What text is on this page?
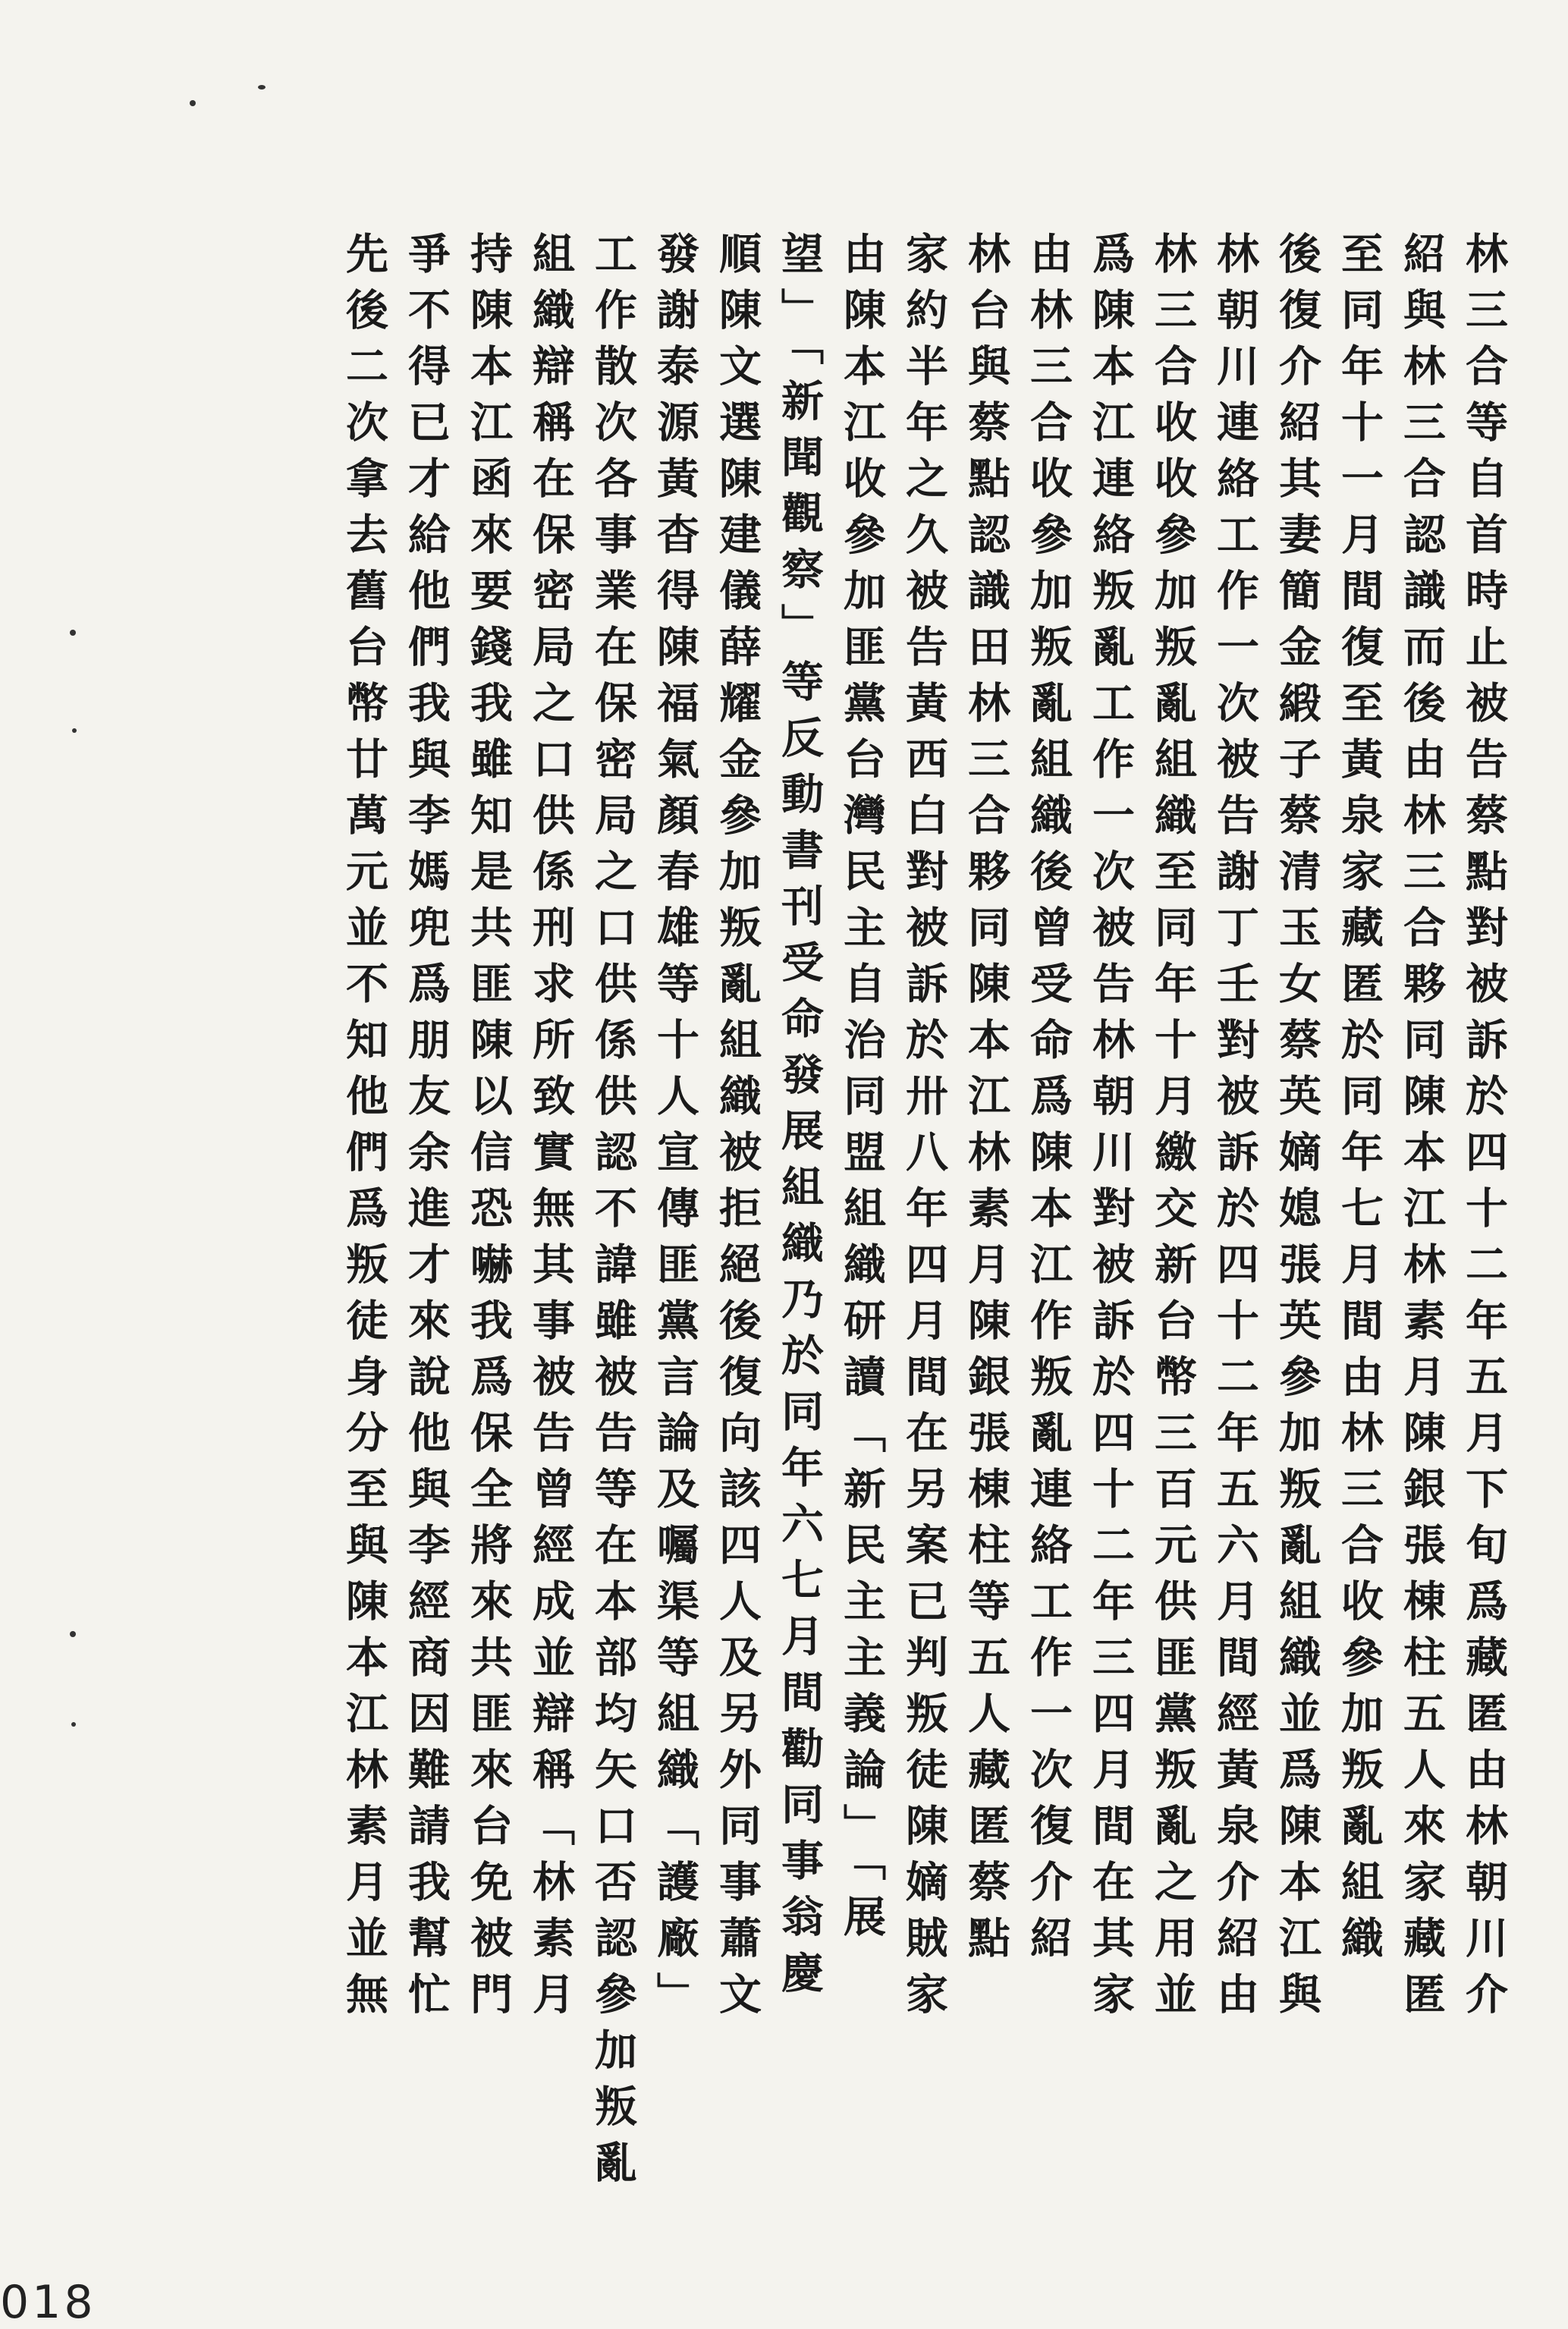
林三合等自首時止被告蔡點對被訴於四十二年五月下旬爲藏匿由林朝川介
紹與林三合認識而後由林三合夥同陳本江林素月陳銀張棟柱五人來家藏匿
至同年十一月間復至黃泉家藏匿於同年七月間由林三合收參加叛亂組織
後復介紹其妻簡金緞子蔡清玉女蔡英嫡媳張英參加叛亂組織並爲陳本江與
林朝川連絡工作一次被告謝丁壬對被訴於四十二年五六月間經黃泉介紹由
林三合收收參加叛亂組織至同年十月繳交新台幣三百元供匪黨叛亂之用並
爲陳本江連絡叛亂工作一次被告林朝川對被訴於四十二年三四月間在其家
由林三合收參加叛亂組織後曾受命爲陳本江作叛亂連絡工作一次復介紹
林台與蔡點認識田林三合夥同陳本江林素月陳銀張棟柱等五人藏匿蔡點
家約半年之久被告黃西白對被訴於卅八年四月間在另案已判叛徒陳嫡賊家
由陳本江收參加匪黨台灣民主自治同盟組織研讀「新民主主義論」「展
望」「新聞觀察」等反動書刊受命發展組織乃於同年六七月間勸同事翁慶
順陳文選陳建儀薛耀金參加叛亂組織被拒絕後復向該四人及另外同事蕭文
發謝泰源黃杳得陳福氣顏春雄等十人宣傳匪黨言論及囑渠等組織「護廠」
工作散次各事業在保密局之口供係供認不諱雖被告等在本部均矢口否認參加叛亂
組織辯稱在保密局之口供係刑求所致實無其事被告曾經成並辯稱「林素月
持陳本江函來要錢我雖知是共匪陳以信恐嚇我爲保全將來共匪來台免被門
爭不得已才給他們我與李媽兜爲朋友余進才來說他與李經商因難請我幫忙
先後二次拿去舊台幣廿萬元並不知他們爲叛徒身分至與陳本江林素月並無
018
